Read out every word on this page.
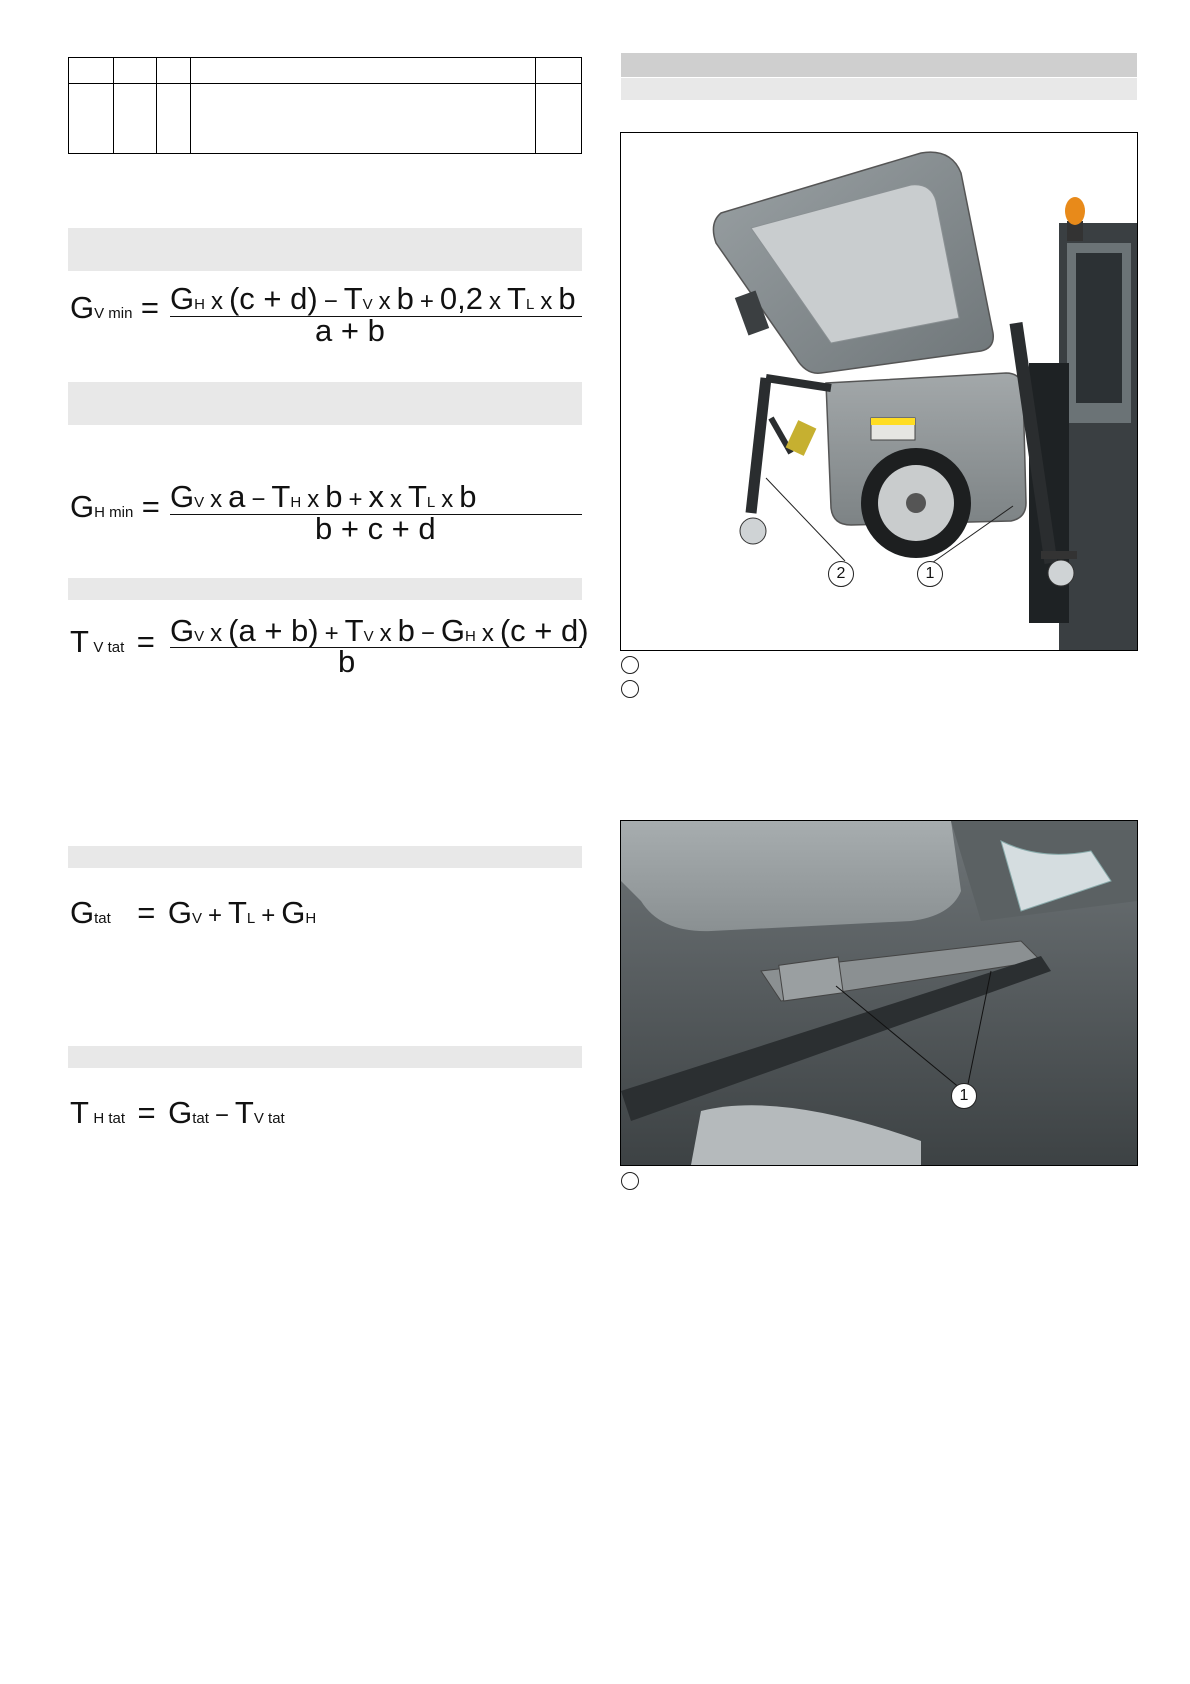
GV min = GH x (c + d) − TV x b + 0,2 x TL x b
a + b
GH min = GV x a − TH x b + x x TL x b
b + c + d
T V tat = GV x (a + b) + TV x b − GH x (c + d)
b
Gtat = GV + TL + GH
T H tat = Gtat − TV tat
2	1
1
